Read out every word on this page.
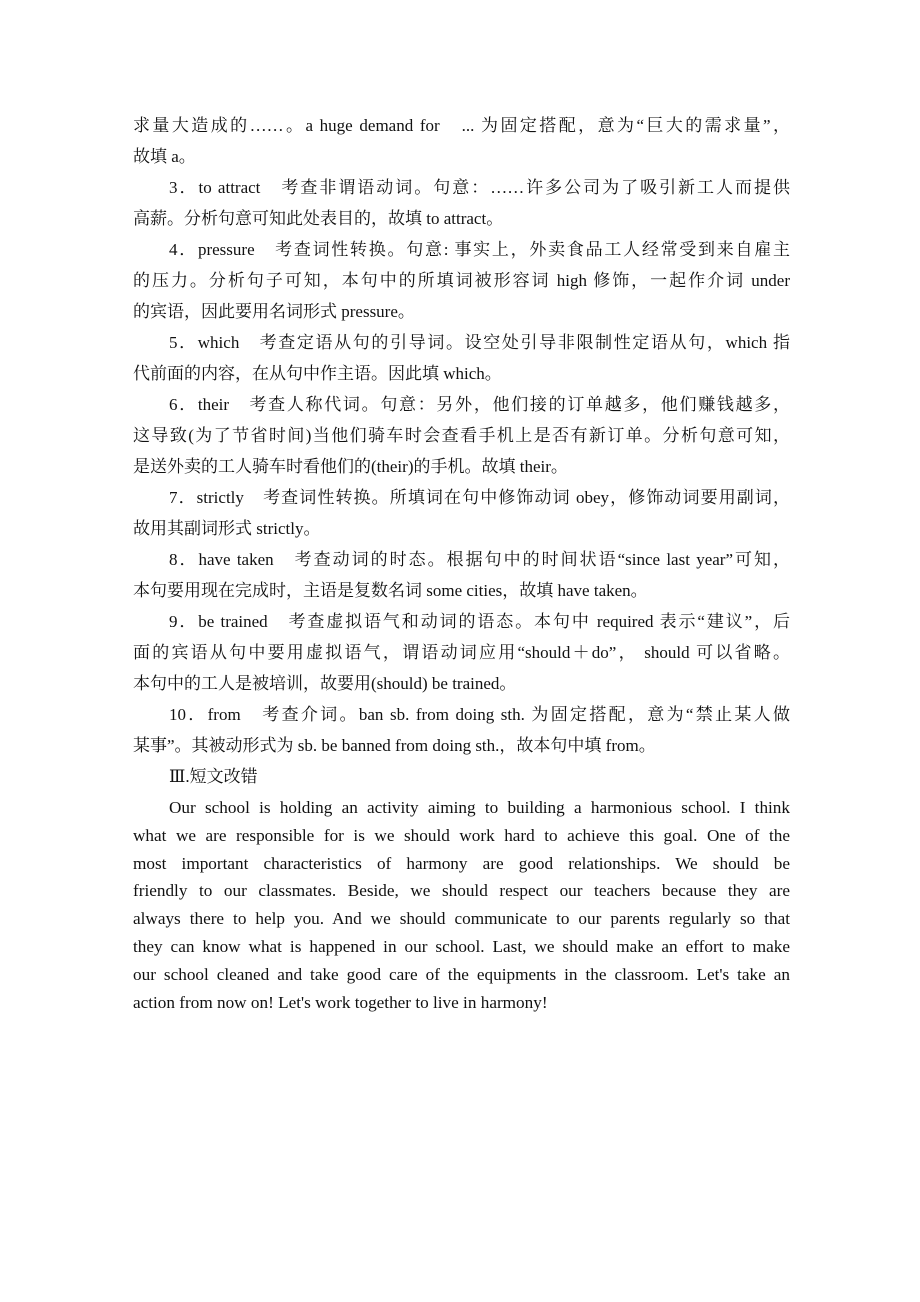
求量大造成的……。a huge demand for　... 为固定搭配，意为“巨大的需求量”，
故填 a。
3．to attract　考查非谓语动词。句意：……许多公司为了吸引新工人而提供
高薪。分析句意可知此处表目的，故填 to attract。
4．pressure　考查词性转换。句意: 事实上，外卖食品工人经常受到来自雇主
的压力。分析句子可知，本句中的所填词被形容词 high 修饰，一起作介词 under
的宾语，因此要用名词形式 pressure。
5．which　考查定语从句的引导词。设空处引导非限制性定语从句，which 指
代前面的内容，在从句中作主语。因此填 which。
6．their　考查人称代词。句意：另外，他们接的订单越多，他们赚钱越多，
这导致(为了节省时间)当他们骑车时会查看手机上是否有新订单。分析句意可知，
是送外卖的工人骑车时看他们的(their)的手机。故填 their。
7．strictly　考查词性转换。所填词在句中修饰动词 obey，修饰动词要用副词，
故用其副词形式 strictly。
8．have taken　考查动词的时态。根据句中的时间状语“since last year”可知，
本句要用现在完成时，主语是复数名词 some cities，故填 have taken。
9．be trained　考查虚拟语气和动词的语态。本句中 required 表示“建议”，后
面的宾语从句中要用虚拟语气，谓语动词应用“should＋do”， should 可以省略。
本句中的工人是被培训，故要用(should) be trained。
10．from　考查介词。ban sb. from doing sth. 为固定搭配，意为“禁止某人做
某事”。其被动形式为 sb. be banned from doing sth.，故本句中填 from。
Ⅲ.短文改错
Our school is holding an activity aiming to building a harmonious school. I think
what we are responsible for is we should work hard to achieve this goal. One of the
most important characteristics of harmony are good relationships. We should be
friendly to our classmates. Beside, we should respect our teachers because they are
always there to help you. And we should communicate to our parents regularly so that
they can know what is happened in our school. Last, we should make an effort to make
our school cleaned and take good care of the equipments in the classroom. Let's take an
action from now on! Let's work together to live in harmony!
